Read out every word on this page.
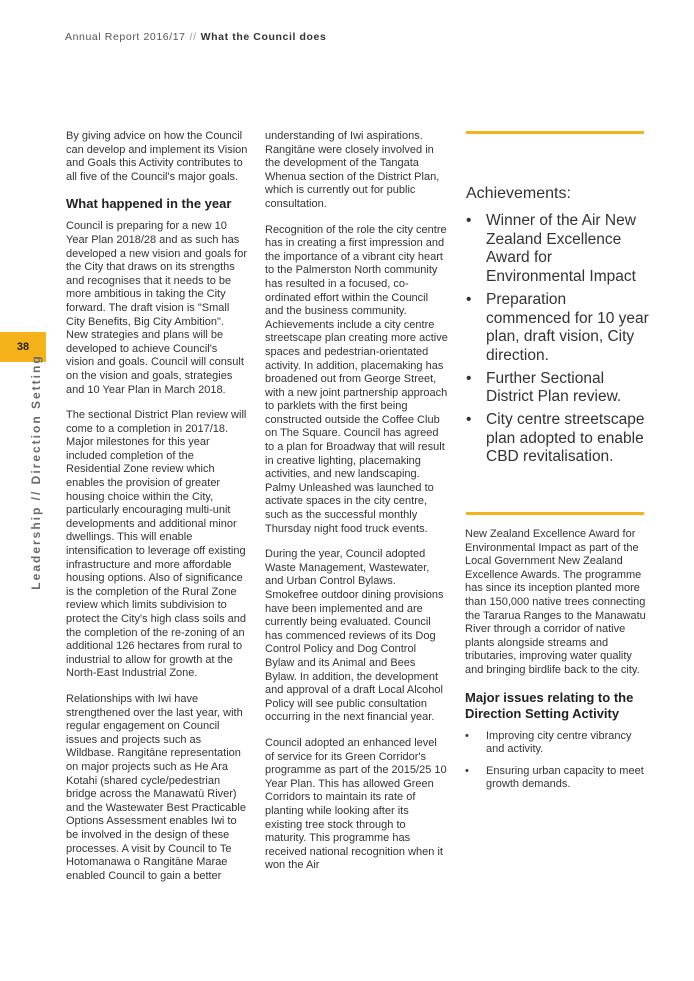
Annual Report 2016/17 // What the Council does
38
Leadership // Direction Setting

By giving advice on how the Council can develop and implement its Vision and Goals this Activity contributes to all five of the Council's major goals.

What happened in the year

Council is preparing for a new 10 Year Plan 2018/28 and as such has developed a new vision and goals for the City that draws on its strengths and recognises that it needs to be more ambitious in taking the City forward. The draft vision is "Small City Benefits, Big City Ambition". New strategies and plans will be developed to achieve Council's vision and goals. Council will consult on the vision and goals, strategies and 10 Year Plan in March 2018.

The sectional District Plan review will come to a completion in 2017/18. Major milestones for this year included completion of the Residential Zone review which enables the provision of greater housing choice within the City, particularly encouraging multi-unit developments and additional minor dwellings. This will enable intensification to leverage off existing infrastructure and more affordable housing options. Also of significance is the completion of the Rural Zone review which limits subdivision to protect the City's high class soils and the completion of the re-zoning of an additional 126 hectares from rural to industrial to allow for growth at the North-East Industrial Zone.

Relationships with Iwi have strengthened over the last year, with regular engagement on Council issues and projects such as Wildbase. Rangitāne representation on major projects such as He Ara Kotahi (shared cycle/pedestrian bridge across the Manawatū River) and the Wastewater Best Practicable Options Assessment enables Iwi to be involved in the design of these processes. A visit by Council to Te Hotomanawa o Rangitāne Marae enabled Council to gain a better

understanding of Iwi aspirations. Rangitāne were closely involved in the development of the Tangata Whenua section of the District Plan, which is currently out for public consultation.

Recognition of the role the city centre has in creating a first impression and the importance of a vibrant city heart to the Palmerston North community has resulted in a focused, co-ordinated effort within the Council and the business community. Achievements include a city centre streetscape plan creating more active spaces and pedestrian-orientated activity. In addition, placemaking has broadened out from George Street, with a new joint partnership approach to parklets with the first being constructed outside the Coffee Club on The Square. Council has agreed to a plan for Broadway that will result in creative lighting, placemaking activities, and new landscaping. Palmy Unleashed was launched to activate spaces in the city centre, such as the successful monthly Thursday night food truck events.

During the year, Council adopted Waste Management, Wastewater, and Urban Control Bylaws. Smokefree outdoor dining provisions have been implemented and are currently being evaluated. Council has commenced reviews of its Dog Control Policy and Dog Control Bylaw and its Animal and Bees Bylaw. In addition, the development and approval of a draft Local Alcohol Policy will see public consultation occurring in the next financial year.

Council adopted an enhanced level of service for its Green Corridor's programme as part of the 2015/25 10 Year Plan. This has allowed Green Corridors to maintain its rate of planting while looking after its existing tree stock through to maturity. This programme has received national recognition when it won the Air

Achievements:
• Winner of the Air New Zealand Excellence Award for Environmental Impact
• Preparation commenced for 10 year plan, draft vision, City direction.
• Further Sectional District Plan review.
• City centre streetscape plan adopted to enable CBD revitalisation.

New Zealand Excellence Award for Environmental Impact as part of the Local Government New Zealand Excellence Awards. The programme has since its inception planted more than 150,000 native trees connecting the Tararua Ranges to the Manawatu River through a corridor of native plants alongside streams and tributaries, improving water quality and bringing birdlife back to the city.

Major issues relating to the Direction Setting Activity
• Improving city centre vibrancy and activity.
• Ensuring urban capacity to meet growth demands.
